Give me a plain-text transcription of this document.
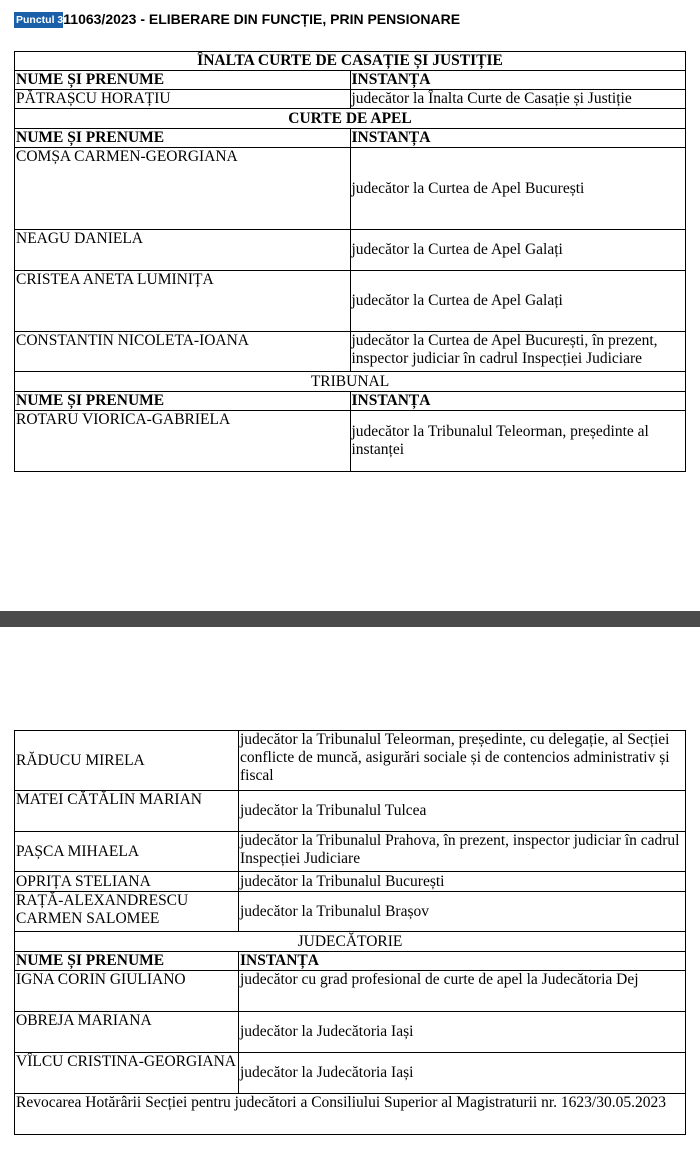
Punctul 311063/2023 - ELIBERARE DIN FUNCȚIE, PRIN PENSIONARE
ÎNALTA CURTE DE CASAȚIE ȘI JUSTIȚIE	
NUME ȘI PRENUME	INSTANȚA
PĂTRAȘCU HORAȚIU	judecător la Înalta Curte de Casație și Justiție
CURTE DE APEL	
NUME ȘI PRENUME	INSTANȚA
COMȘA CARMEN-GEORGIANA	judecător la Curtea de Apel București
NEAGU DANIELA	judecător la Curtea de Apel Galați
CRISTEA ANETA LUMINIȚA	judecător la Curtea de Apel Galați
CONSTANTIN NICOLETA-IOANA	judecător la Curtea de Apel București, în prezent, inspector judiciar în cadrul Inspecției Judiciare
TRIBUNAL	
NUME ȘI PRENUME	INSTANȚA
ROTARU VIORICA-GABRIELA	judecător la Tribunalul Teleorman, președinte al instanței
RĂDUCU MIRELA	judecător la Tribunalul Teleorman, președinte, cu delegație, al Secției conflicte de muncă, asigurări sociale și de contencios administrativ și fiscal
MATEI CĂTĂLIN MARIAN	judecător la Tribunalul Tulcea
PAȘCA MIHAELA	judecător la Tribunalul Prahova, în prezent, inspector judiciar în cadrul Inspecției Judiciare
OPRIȚA STELIANA	judecător la Tribunalul București
RAȚĂ-ALEXANDRESCU CARMEN SALOMEE	judecător la Tribunalul Brașov
JUDECĂTORIE	
NUME ȘI PRENUME	INSTANȚA
IGNA CORIN GIULIANO	judecător cu grad profesional de curte de apel la Judecătoria Dej
OBREJA MARIANA	judecător la Judecătoria Iași
VÎLCU CRISTINA-GEORGIANA	judecător la Judecătoria Iași
Revocarea Hotărârii Secției pentru judecători a Consiliului Superior al Magistraturii nr. 1623/30.05.2023	
